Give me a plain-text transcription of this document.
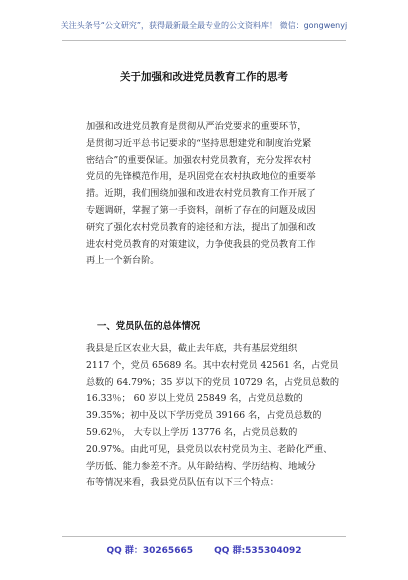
关注头条号“公文研究”，获得最新最全最专业的公文资料库！ 微信：gongwenyj
关于加强和改进党员教育工作的思考
加强和改进党员教育是贯彻从严治党要求的重要环节，
是贯彻习近平总书记要求的“坚持思想建党和制度治党紧
密结合”的重要保证。加强农村党员教育，充分发挥农村
党员的先锋模范作用，是巩固党在农村执政地位的重要举
措。近期，我们围绕加强和改进农村党员教育工作开展了
专题调研，掌握了第一手资料，剖析了存在的问题及成因
研究了强化农村党员教育的途径和方法，提出了加强和改
进农村党员教育的对策建议，力争使我县的党员教育工作
再上一个新台阶。
一、党员队伍的总体情况
我县是丘区农业大县，截止去年底，共有基层党组织
2117 个，党员 65689 名。其中农村党员 42561 名，占党员
总数的 64.79%；35 岁以下的党员 10729 名，占党员总数的
16.33％； 60 岁以上党员 25849 名，占党员总数的
39.35%；初中及以下学历党员 39166 名，占党员总数的
59.62％， 大专以上学历 13776 名，占党员总数的
20.97%。由此可见，县党员以农村党员为主、老龄化严重、
学历低、能力参差不齐。从年龄结构、学历结构、地域分
布等情况来看，我县党员队伍有以下三个特点：
QQ 群：30265665 QQ 群:535304092
